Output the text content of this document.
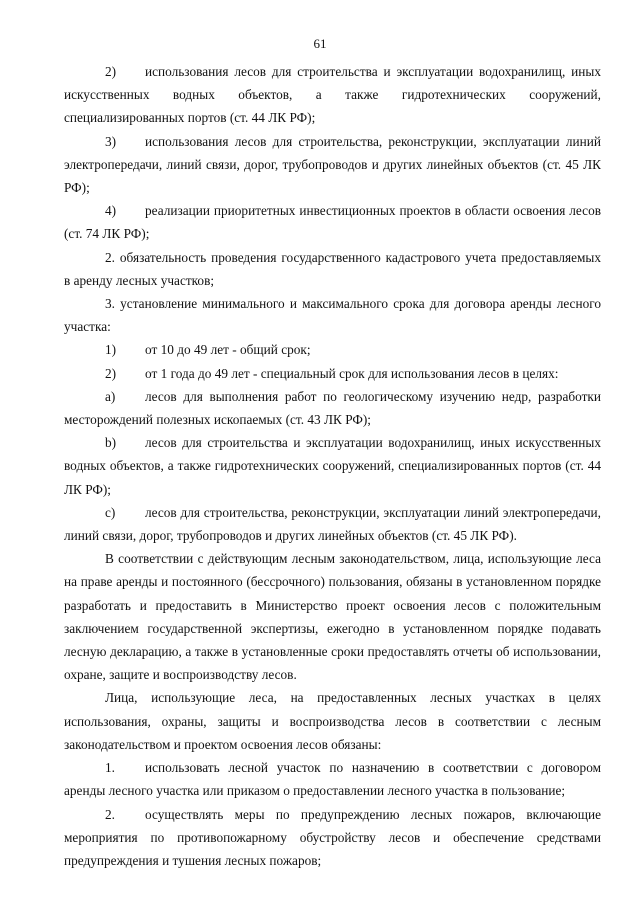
61

2) использования лесов для строительства и эксплуатации водохранилищ, иных искусственных водных объектов, а также гидротехнических сооружений, специализированных портов (ст. 44 ЛК РФ);

3) использования лесов для строительства, реконструкции, эксплуатации линий электропередачи, линий связи, дорог, трубопроводов и других линейных объектов (ст. 45 ЛК РФ);

4) реализации приоритетных инвестиционных проектов в области освоения лесов (ст. 74 ЛК РФ);

2. обязательность проведения государственного кадастрового учета предоставляемых в аренду лесных участков;

3. установление минимального и максимального срока для договора аренды лесного участка:

1) от 10 до 49 лет - общий срок;

2) от 1 года до 49 лет - специальный срок для использования лесов в целях:

а) лесов для выполнения работ по геологическому изучению недр, разработки месторождений полезных ископаемых (ст. 43 ЛК РФ);

b) лесов для строительства и эксплуатации водохранилищ, иных искусственных водных объектов, а также гидротехнических сооружений, специализированных портов (ст. 44 ЛК РФ);

с) лесов для строительства, реконструкции, эксплуатации линий электропередачи, линий связи, дорог, трубопроводов и других линейных объектов (ст. 45 ЛК РФ).

В соответствии с действующим лесным законодательством, лица, использующие леса на праве аренды и постоянного (бессрочного) пользования, обязаны в установленном порядке разработать и предоставить в Министерство проект освоения лесов с положительным заключением государственной экспертизы, ежегодно в установленном порядке подавать лесную декларацию, а также в установленные сроки предоставлять отчеты об использовании, охране, защите и воспроизводству лесов.

Лица, использующие леса, на предоставленных лесных участках в целях использования, охраны, защиты и воспроизводства лесов в соответствии с лесным законодательством и проектом освоения лесов обязаны:

1. использовать лесной участок по назначению в соответствии с договором аренды лесного участка или приказом о предоставлении лесного участка в пользование;

2. осуществлять меры по предупреждению лесных пожаров, включающие мероприятия по противопожарному обустройству лесов и обеспечение средствами предупреждения и тушения лесных пожаров;
